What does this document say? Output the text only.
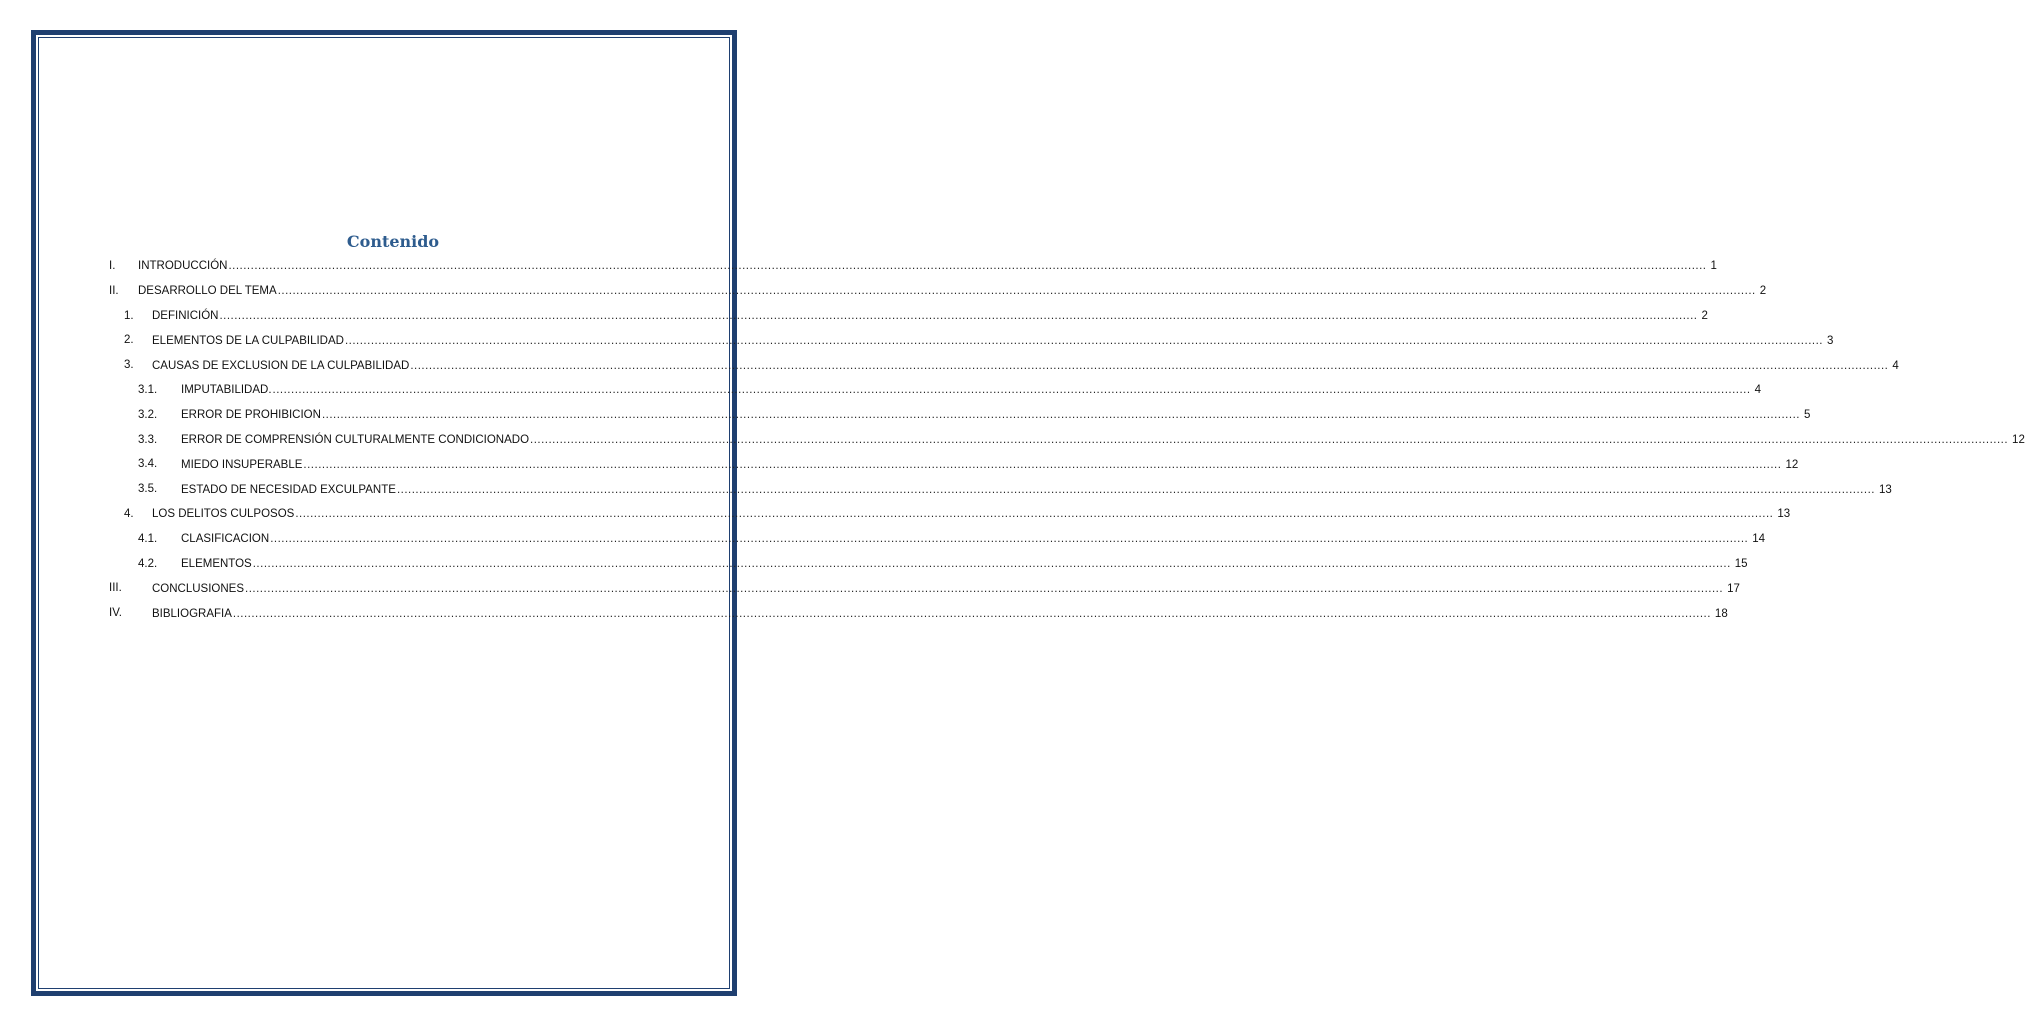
Contenido
I. INTRODUCCIÓN ................................................................................................................................................................................................................................................................................................................................................................................................................ 1
II. DESARROLLO DEL TEMA ................................................................................................................................................................................................................................................................................................................................................................................................................ 2
1. DEFINICIÓN ................................................................................................................................................................................................................................................................................................................................................................................................................ 2
2. ELEMENTOS DE LA CULPABILIDAD ................................................................................................................................................................................................................................................................................................................................................................................................................ 3
3. CAUSAS DE EXCLUSION DE LA CULPABILIDAD ................................................................................................................................................................................................................................................................................................................................................................................................................ 4
3.1. IMPUTABILIDAD. ................................................................................................................................................................................................................................................................................................................................................................................................................ 4
3.2. ERROR DE PROHIBICION ................................................................................................................................................................................................................................................................................................................................................................................................................ 5
3.3. ERROR DE COMPRENSIÓN CULTURALMENTE CONDICIONADO ................................................................................................................................................................................................................................................................................................................................................................................................................ 12
3.4. MIEDO INSUPERABLE ................................................................................................................................................................................................................................................................................................................................................................................................................ 12
3.5. ESTADO DE NECESIDAD EXCULPANTE ................................................................................................................................................................................................................................................................................................................................................................................................................ 13
4. LOS DELITOS CULPOSOS ................................................................................................................................................................................................................................................................................................................................................................................................................ 13
4.1. CLASIFICACION ................................................................................................................................................................................................................................................................................................................................................................................................................ 14
4.2. ELEMENTOS ................................................................................................................................................................................................................................................................................................................................................................................................................ 15
III.	CONCLUSIONES ................................................................................................................................................................................................................................................................................................................................................................................................................ 17
IV.	BIBLIOGRAFIA ................................................................................................................................................................................................................................................................................................................................................................................................................ 18
